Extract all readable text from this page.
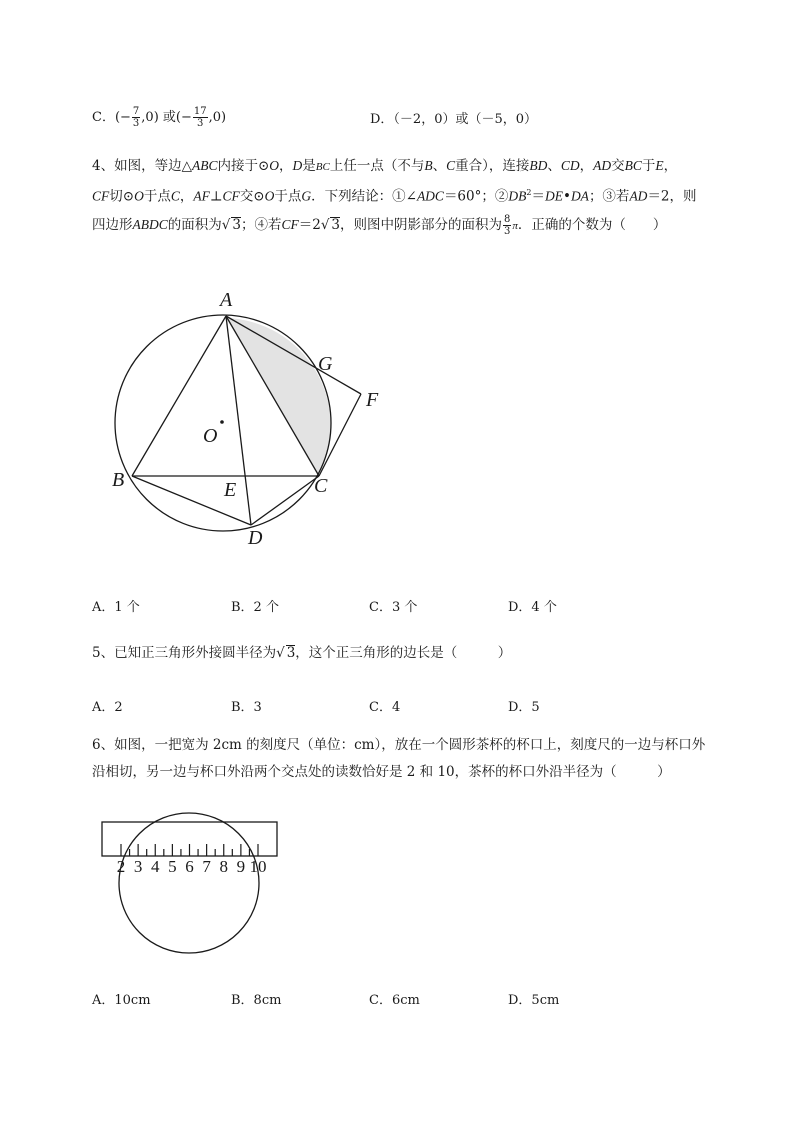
C．(− $\frac{7}{3} ,0$) 或(− $\frac{17}{3} ,0$)	D．（－2，0）或（－5，0）
4、如图，等边△ABC内接于⊙O，D是BC上任一点（不与B、C重合），连接BD、CD，AD交BC于E，
CF切⊙O于点C，AF⊥CF交⊙O于点G．下列结论：①∠ADC＝60°；$②DB^2=DE•DA$；③若AD＝2，则
四边形ABDC的面积为√ 3；④若CF＝2√ 3，则图中阴影部分的面积为 $\frac{8}{3}$ π．正确的个数为（　　）
A
B	C
D
E
F
G
O
A．1 个	B．2 个	C．3 个	D．4 个
5、已知正三角形外接圆半径为√ 3，这个正三角形的边长是（　　　）
A．2	B．3	C．4	D．5
6、如图，一把宽为 2cm 的刻度尺（单位：cm），放在一个圆形茶杯的杯口上，刻度尺的一边与杯口外
沿相切，另一边与杯口外沿两个交点处的读数恰好是 2 和 10，茶杯的杯口外沿半径为（　　　）
2 3 4 5 6 7 8 9 10
A．10cm	B．8cm	C．6cm	D．5cm
